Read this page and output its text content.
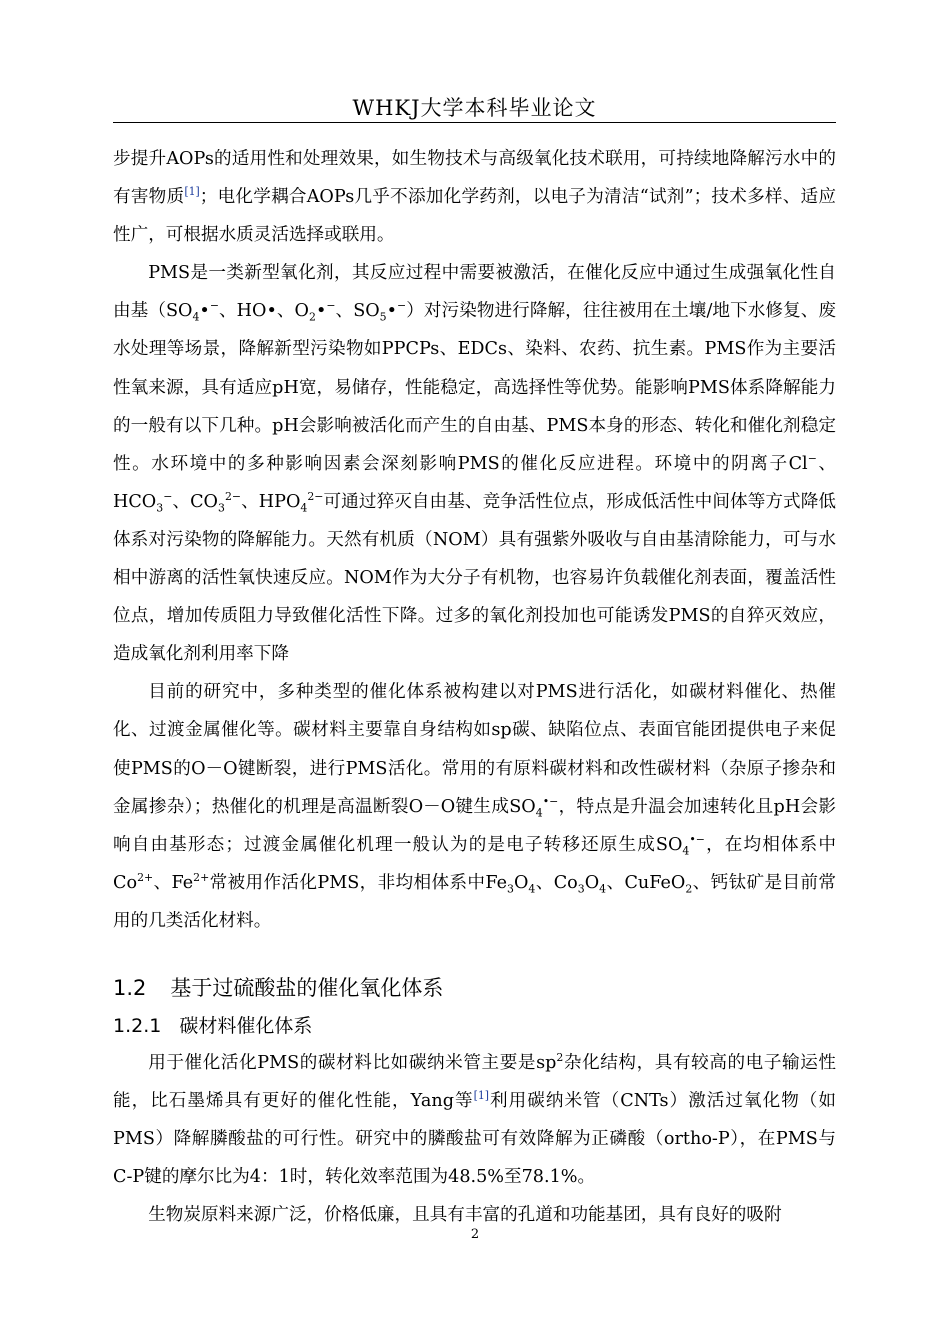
WHKJ大学本科毕业论文

步提升AOPs的适用性和处理效果，如生物技术与高级氧化技术联用，可持续地降解污水中的有害物质[1]；电化学耦合AOPs几乎不添加化学药剂，以电子为清洁“试剂”；技术多样、适应性广，可根据水质灵活选择或联用。

PMS是一类新型氧化剂，其反应过程中需要被激活，在催化反应中通过生成强氧化性自由基（$SO_4•^-$、HO•、$O_2•^-$、$SO_5•^-$）对污染物进行降解，往往被用在土壤/地下水修复、废水处理等场景，降解新型污染物如PPCPs、EDCs、染料、农药、抗生素。PMS作为主要活性氧来源，具有适应pH宽，易储存，性能稳定，高选择性等优势。能影响PMS体系降解能力的一般有以下几种。pH会影响被活化而产生的自由基、PMS本身的形态、转化和催化剂稳定性。水环境中的多种影响因素会深刻影响PMS的催化反应进程。环境中的阴离子Cl−、$HCO_3^-$、$CO_3^{2-}$、$HPO_4^{2-}$可通过猝灭自由基、竞争活性位点，形成低活性中间体等方式降低体系对污染物的降解能力。天然有机质（NOM）具有强紫外吸收与自由基清除能力，可与水相中游离的活性氧快速反应。NOM作为大分子有机物，也容易许负载催化剂表面，覆盖活性位点，增加传质阻力导致催化活性下降。过多的氧化剂投加也可能诱发PMS的自猝灭效应，造成氧化剂利用率下降

目前的研究中，多种类型的催化体系被构建以对PMS进行活化，如碳材料催化、热催化、过渡金属催化等。碳材料主要靠自身结构如sp碳、缺陷位点、表面官能团提供电子来促使PMS的O－O键断裂，进行PMS活化。常用的有原料碳材料和改性碳材料（杂原子掺杂和金属掺杂）；热催化的机理是高温断裂O－O键生成$SO_4^{•-}$，特点是升温会加速转化且pH会影响自由基形态；过渡金属催化机理一般认为的是电子转移还原生成$SO_4^{•-}$，在均相体系中$Co^{2+}$、$Fe^{2+}$常被用作活化PMS，非均相体系中$Fe_3O_4$、$Co_3O_4$、CuFeO$_2$、钙钛矿是目前常用的几类活化材料。

1.2 基于过硫酸盐的催化氧化体系
1.2.1 碳材料催化体系

用于催化活化PMS的碳材料比如碳纳米管主要是$sp^2$杂化结构，具有较高的电子输运性能，比石墨烯具有更好的催化性能，Yang等[1]利用碳纳米管（CNTs）激活过氧化物（如PMS）降解膦酸盐的可行性。研究中的膦酸盐可有效降解为正磷酸（ortho-P），在PMS与C-P键的摩尔比为4：1时，转化效率范围为48.5%至78.1%。

生物炭原料来源广泛，价格低廉，且具有丰富的孔道和功能基团，具有良好的吸附

2
